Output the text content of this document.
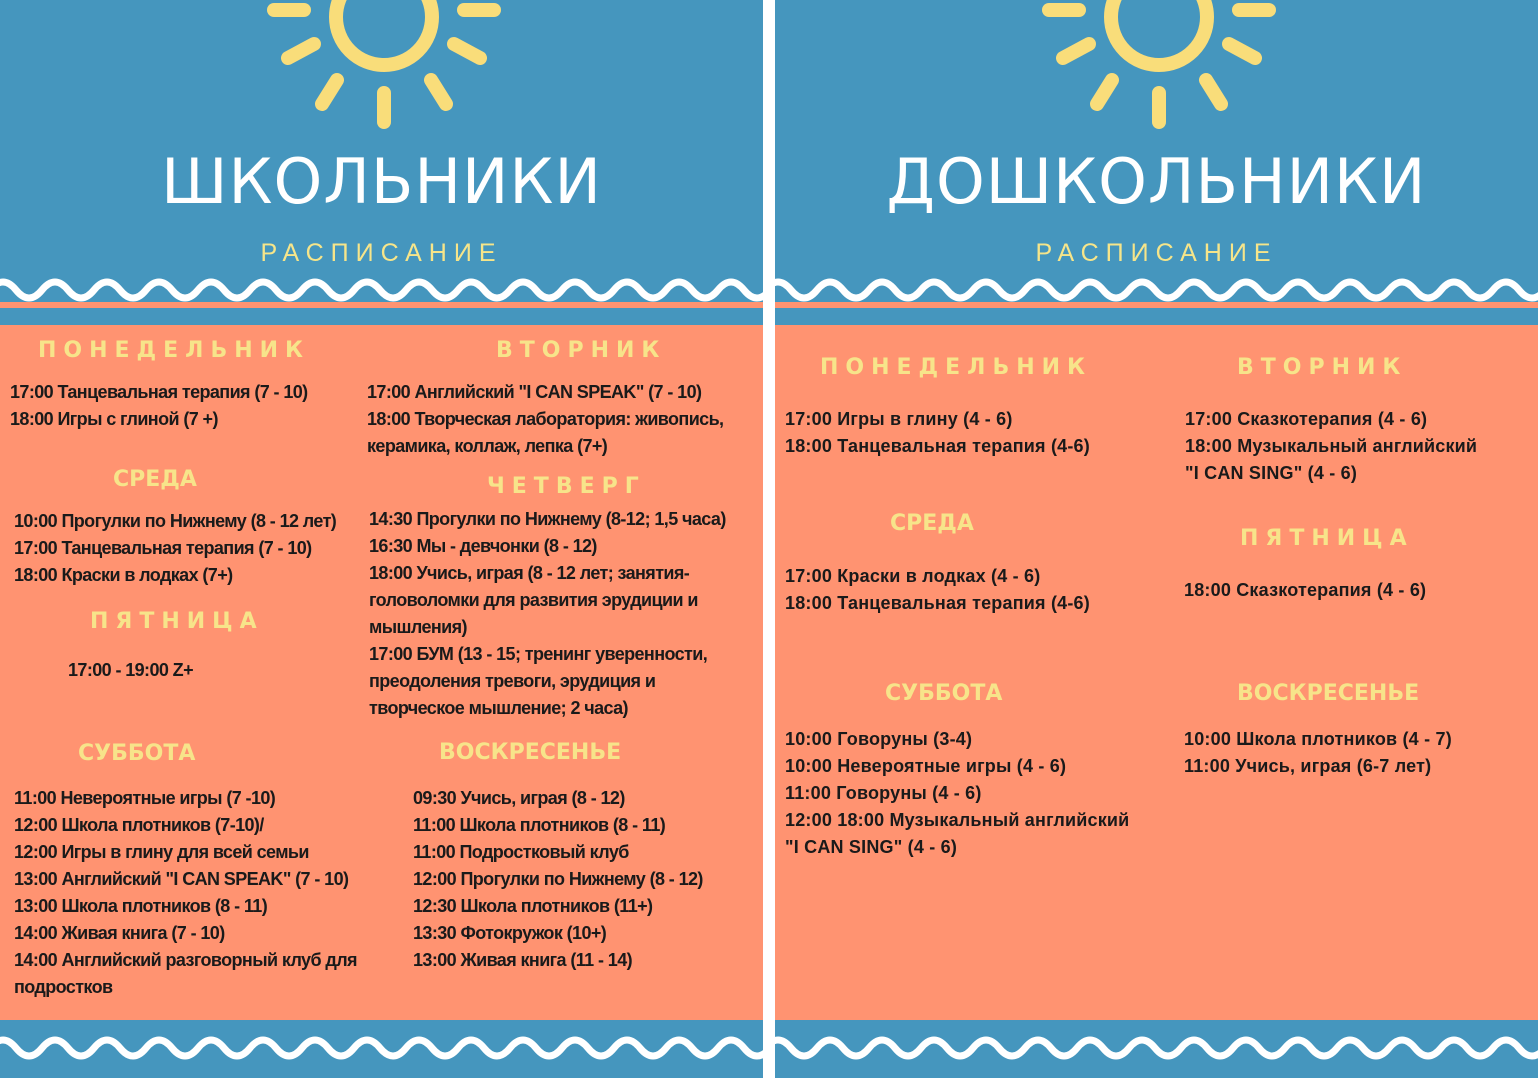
ШКОЛЬНИКИ
РАСПИСАНИЕ
ПОНЕДЕЛЬНИК
17:00 Танцевальная терапия (7 - 10)
18:00 Игры с глиной (7 +)
ВТОРНИК
17:00 Английский "I CAN SPEAK" (7 - 10)
18:00 Творческая лаборатория: живопись,
керамика, коллаж, лепка (7+)
СРЕДА
10:00 Прогулки по Нижнему (8 - 12 лет)
17:00 Танцевальная терапия (7 - 10)
18:00 Краски в лодках (7+)
ЧЕТВЕРГ
14:30 Прогулки по Нижнему (8-12; 1,5 часа)
16:30 Мы - девчонки (8 - 12)
18:00 Учись, играя (8 - 12 лет; занятия-
головоломки для развития эрудиции и
мышления)
17:00 БУМ (13 - 15; тренинг уверенности,
преодоления тревоги, эрудиция и
творческое мышление; 2 часа)
ПЯТНИЦА
17:00 - 19:00 Z+
СУББОТА
11:00 Невероятные игры (7 -10)
12:00 Школа плотников (7-10)/
12:00 Игры в глину для всей семьи
13:00 Английский "I CAN SPEAK" (7 - 10)
13:00 Школа плотников (8 - 11)
14:00 Живая книга (7 - 10)
14:00 Английский разговорный клуб для
подростков
ВОСКРЕСЕНЬЕ
09:30 Учись, играя (8 - 12)
11:00 Школа плотников (8 - 11)
11:00 Подростковый клуб
12:00 Прогулки по Нижнему (8 - 12)
12:30 Школа плотников (11+)
13:30 Фотокружок (10+)
13:00 Живая книга (11 - 14)
ДОШКОЛЬНИКИ
РАСПИСАНИЕ
ПОНЕДЕЛЬНИК
17:00 Игры в глину (4 - 6)
18:00 Танцевальная терапия (4-6)
ВТОРНИК
17:00 Сказкотерапия (4 - 6)
18:00 Музыкальный английский
"I CAN SING" (4 - 6)
СРЕДА
17:00 Краски в лодках (4 - 6)
18:00 Танцевальная терапия (4-6)
ПЯТНИЦА
18:00 Сказкотерапия (4 - 6)
СУББОТА
10:00 Говоруны (3-4)
10:00 Невероятные игры (4 - 6)
11:00 Говоруны (4 - 6)
12:00 18:00 Музыкальный английский
"I CAN SING" (4 - 6)
ВОСКРЕСЕНЬЕ
10:00 Школа плотников (4 - 7)
11:00 Учись, играя (6-7 лет)
